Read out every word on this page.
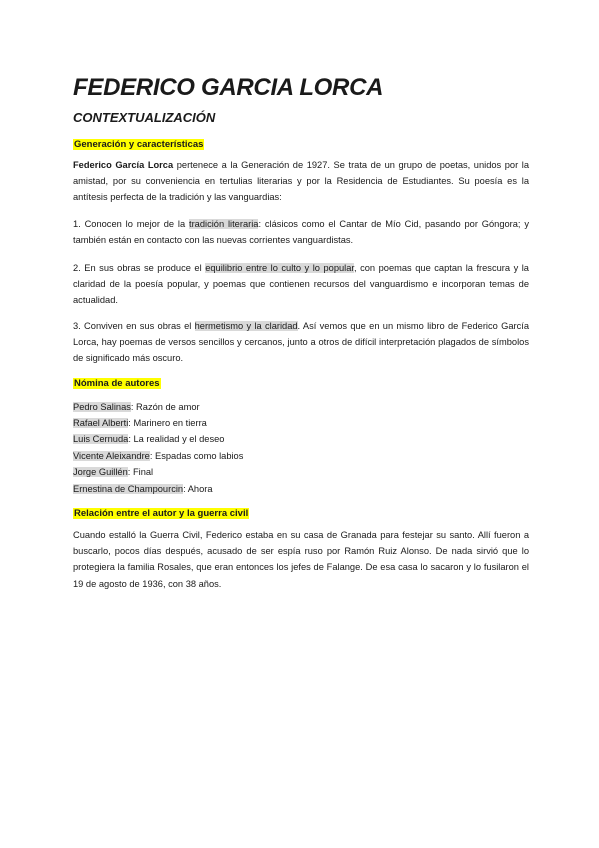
FEDERICO GARCIA LORCA
CONTEXTUALIZACIÓN
Generación y características
Federico García Lorca pertenece a la Generación de 1927. Se trata de un grupo de poetas, unidos por la amistad, por su conveniencia en tertulias literarias y por la Residencia de Estudiantes. Su poesía es la antítesis perfecta de la tradición y las vanguardias:
1. Conocen lo mejor de la tradición literaria: clásicos como el Cantar de Mío Cid, pasando por Góngora; y también están en contacto con las nuevas corrientes vanguardistas.
2. En sus obras se produce el equilibrio entre lo culto y lo popular, con poemas que captan la frescura y la claridad de la poesía popular, y poemas que contienen recursos del vanguardismo e incorporan temas de actualidad.
3. Conviven en sus obras el hermetismo y la claridad. Así vemos que en un mismo libro de Federico García Lorca, hay poemas de versos sencillos y cercanos, junto a otros de difícil interpretación plagados de símbolos de significado más oscuro.
Nómina de autores
Pedro Salinas: Razón de amor
Rafael Alberti: Marinero en tierra
Luis Cernuda: La realidad y el deseo
Vicente Aleixandre: Espadas como labios
Jorge Guillén: Final
Ernestina de Champourcin: Ahora
Relación entre el autor y la guerra civil
Cuando estalló la Guerra Civil, Federico estaba en su casa de Granada para festejar su santo. Allí fueron a buscarlo, pocos días después, acusado de ser espía ruso por Ramón Ruiz Alonso. De nada sirvió que lo protegiera la familia Rosales, que eran entonces los jefes de Falange. De esa casa lo sacaron y lo fusilaron el 19 de agosto de 1936, con 38 años.
